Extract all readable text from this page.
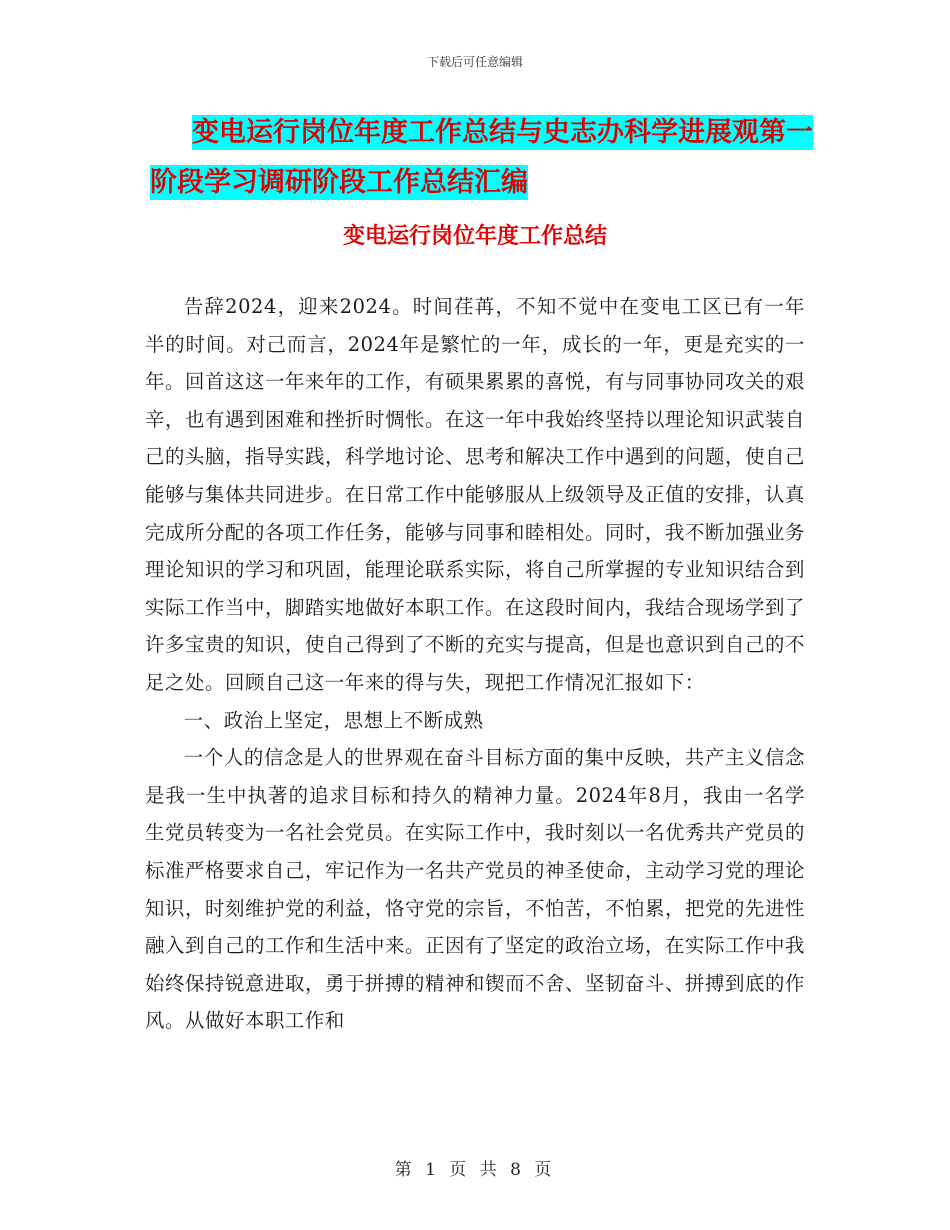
下载后可任意编辑
变电运行岗位年度工作总结与史志办科学进展观第一
阶段学习调研阶段工作总结汇编
变电运行岗位年度工作总结

告辞2024，迎来2024。时间荏苒，不知不觉中在变电工区已有一年半的时间。对己而言，2024年是繁忙的一年，成长的一年，更是充实的一年。回首这这一年来年的工作，有硕果累累的喜悦，有与同事协同攻关的艰辛，也有遇到困难和挫折时惆怅。在这一年中我始终坚持以理论知识武装自己的头脑，指导实践，科学地讨论、思考和解决工作中遇到的问题，使自己能够与集体共同进步。在日常工作中能够服从上级领导及正值的安排，认真完成所分配的各项工作任务，能够与同事和睦相处。同时，我不断加强业务理论知识的学习和巩固，能理论联系实际，将自己所掌握的专业知识结合到实际工作当中，脚踏实地做好本职工作。在这段时间内，我结合现场学到了许多宝贵的知识，使自己得到了不断的充实与提高，但是也意识到自己的不足之处。回顾自己这一年来的得与失，现把工作情况汇报如下：

一、政治上坚定，思想上不断成熟

一个人的信念是人的世界观在奋斗目标方面的集中反映，共产主义信念是我一生中执著的追求目标和持久的精神力量。2024年8月，我由一名学生党员转变为一名社会党员。在实际工作中，我时刻以一名优秀共产党员的标准严格要求自己，牢记作为一名共产党员的神圣使命，主动学习党的理论知识，时刻维护党的利益，恪守党的宗旨，不怕苦，不怕累，把党的先进性融入到自己的工作和生活中来。正因有了坚定的政治立场，在实际工作中我始终保持锐意进取，勇于拼搏的精神和锲而不舍、坚韧奋斗、拼搏到底的作风。从做好本职工作和

第 1 页 共 8 页
